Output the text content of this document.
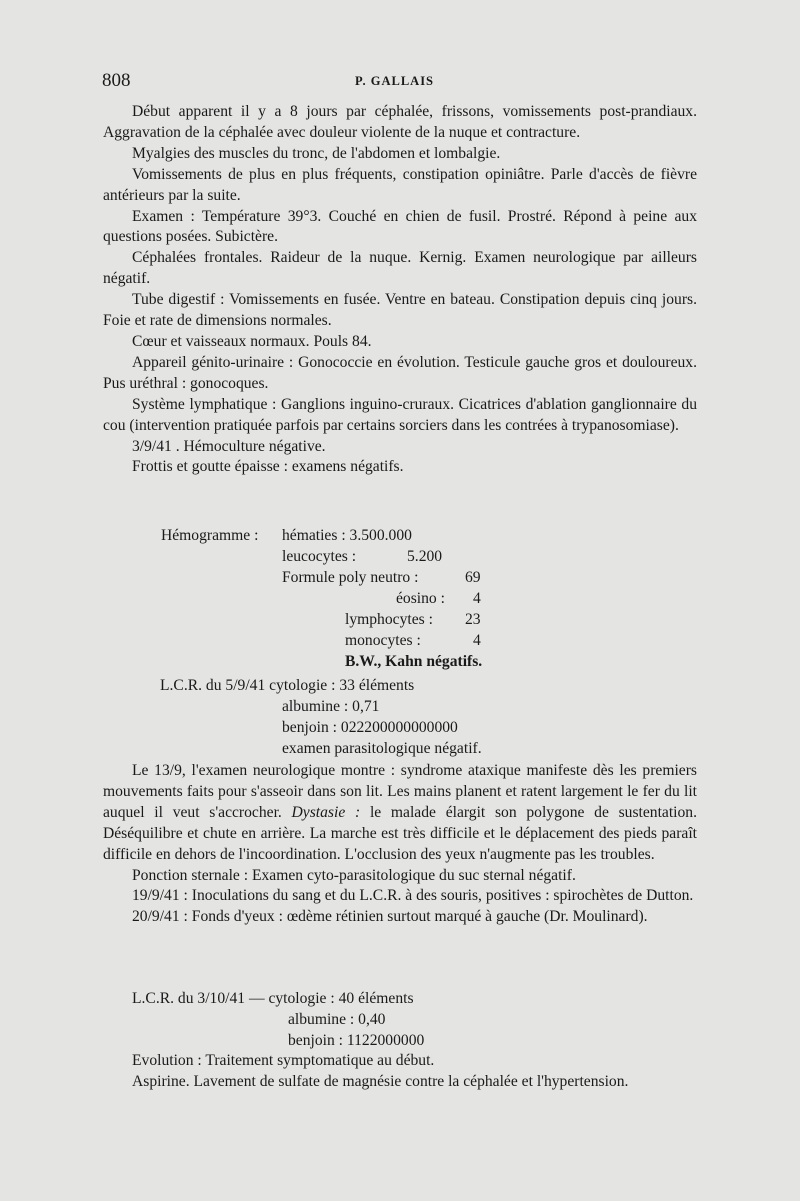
808	P. GALLAIS
Début apparent il y a 8 jours par céphalée, frissons, vomissements post-prandiaux. Aggravation de la céphalée avec douleur violente de la nuque et contracture.
Myalgies des muscles du tronc, de l'abdomen et lombalgie.
Vomissements de plus en plus fréquents, constipation opiniâtre. Parle d'accès de fièvre antérieurs par la suite.
Examen : Température 39°3. Couché en chien de fusil. Prostré. Répond à peine aux questions posées. Subictère.
Céphalées frontales. Raideur de la nuque. Kernig. Examen neurologique par ailleurs négatif.
Tube digestif : Vomissements en fusée. Ventre en bateau. Constipation depuis cinq jours. Foie et rate de dimensions normales.
Cœur et vaisseaux normaux. Pouls 84.
Appareil génito-urinaire : Gonococcie en évolution. Testicule gauche gros et douloureux. Pus uréthral : gonocoques.
Système lymphatique : Ganglions inguino-cruraux. Cicatrices d'ablation ganglionnaire du cou (intervention pratiquée parfois par certains sorciers dans les contrées à trypanosomiase).
3/9/41 . Hémoculture négative.
Frottis et goutte épaisse : examens négatifs.
Hémogramme : hématies : 3.500.000
leucocytes :	5.200
Formule poly neutro :	69
éosino : 4
lymphocytes : 23
monocytes :	4
B.W., Kahn négatifs.
L.C.R. du 5/9/41 cytologie : 33 éléments
albumine : 0,71
benjoin : 022200000000000
examen parasitologique négatif.
Le 13/9, l'examen neurologique montre : syndrome ataxique manifeste dès les premiers mouvements faits pour s'asseoir dans son lit. Les mains planent et ratent largement le fer du lit auquel il veut s'accrocher. Dystasie : le malade élargit son polygone de sustentation. Déséquilibre et chute en arrière. La marche est très difficile et le déplacement des pieds paraît difficile en dehors de l'incoordination. L'occlusion des yeux n'augmente pas les troubles.
Ponction sternale : Examen cyto-parasitologique du suc sternal négatif.
19/9/41 : Inoculations du sang et du L.C.R. à des souris, positives : spirochètes de Dutton.
20/9/41 : Fonds d'yeux : œdème rétinien surtout marqué à gauche (Dr. Moulinard).
L.C.R. du 3/10/41 — cytologie : 40 éléments
albumine : 0,40
benjoin : 1122000000
Evolution : Traitement symptomatique au début.
Aspirine. Lavement de sulfate de magnésie contre la céphalée et l'hypertension.
